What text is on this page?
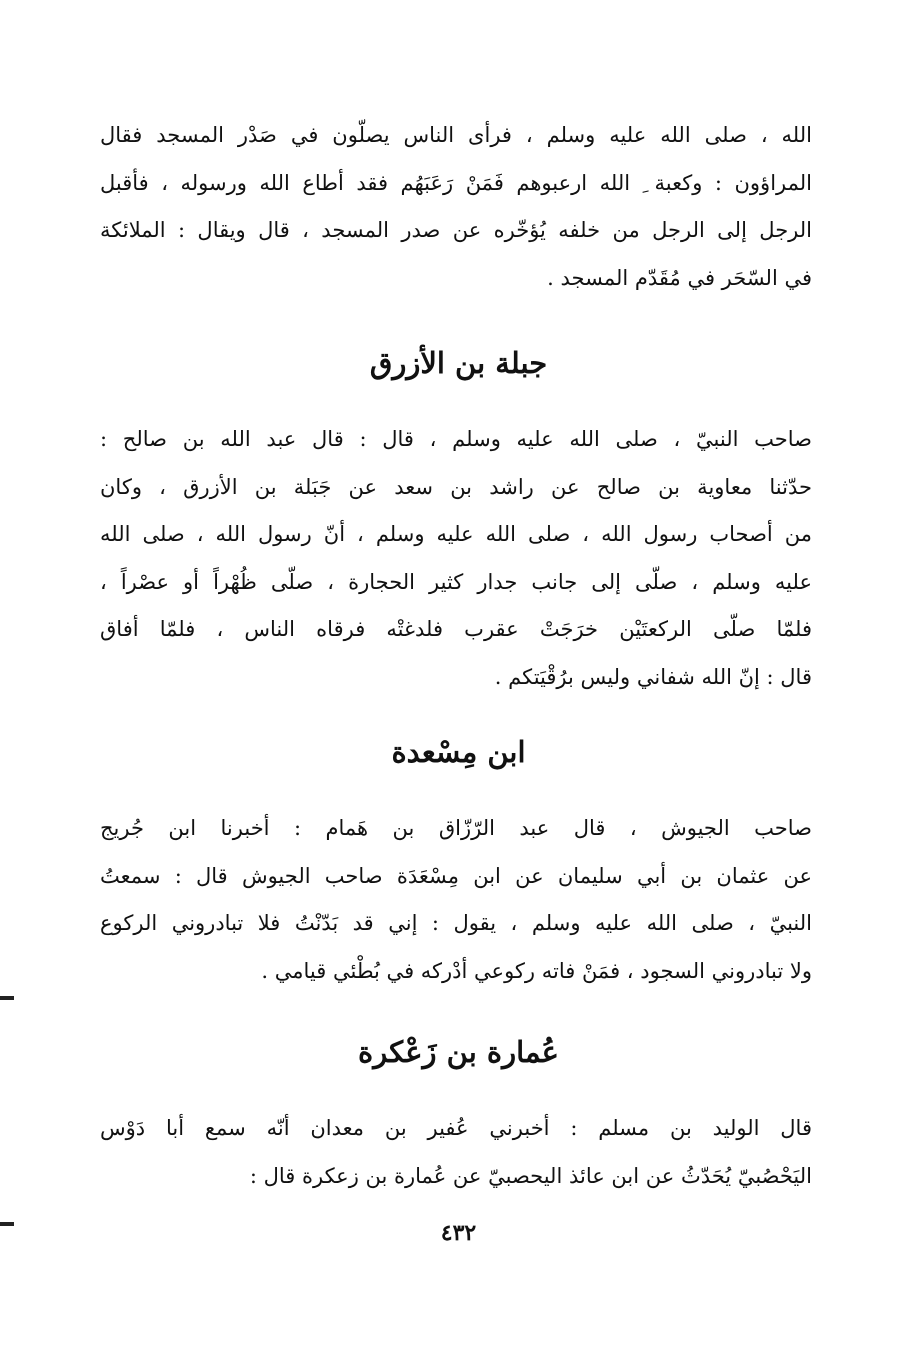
الله ، صلى الله عليه وسلم ، فرأى الناس يصلّون في صَدْر المسجد فقال
المراؤون : وكعبة ِ الله ارعبوهم فَمَنْ رَعَبَهُم فقد أطاع الله ورسوله ، فأقبل
الرجل إلى الرجل من خلفه يُؤخّره عن صدر المسجد ، قال ويقال : الملائكة
في السّحَر في مُقَدّم المسجد .
جبلة بن الأزرق
صاحب النبيّ ، صلى الله عليه وسلم ، قال : قال عبد الله بن صالح :
حدّثنا معاوية بن صالح عن راشد بن سعد عن جَبَلة بن الأزرق ، وكان
من أصحاب رسول الله ، صلى الله عليه وسلم ، أنّ رسول الله ، صلى الله
عليه وسلم ، صلّى إلى جانب جدار كثير الحجارة ، صلّى ظُهْراً أو عصْراً ،
فلمّا صلّى الركعتَيْن خرَجَتْ عقرب فلدغتْه فرقاه الناس ، فلمّا أفاق
قال : إنّ الله شفاني وليس برُقْيَتكم .
ابن مِسْعدة
صاحب الجيوش ، قال عبد الرّزّاق بن هَمام : أخبرنا ابن جُريج
عن عثمان بن أبي سليمان عن ابن مِسْعَدَة صاحب الجيوش قال : سمعتُ
النبيّ ، صلى الله عليه وسلم ، يقول : إني قد بَدّنْتُ فلا تبادروني الركوع
ولا تبادروني السجود ، فمَنْ فاته ركوعي أدْركه في بُطْئي قيامي .
عُمارة بن زَعْكرة
قال الوليد بن مسلم : أخبرني عُفير بن معدان أنّه سمع أبا دَوْس
اليَحْصُبيّ يُحَدّثُ عن ابن عائذ اليحصبيّ عن عُمارة بن زعكرة قال :
٤٣٢
